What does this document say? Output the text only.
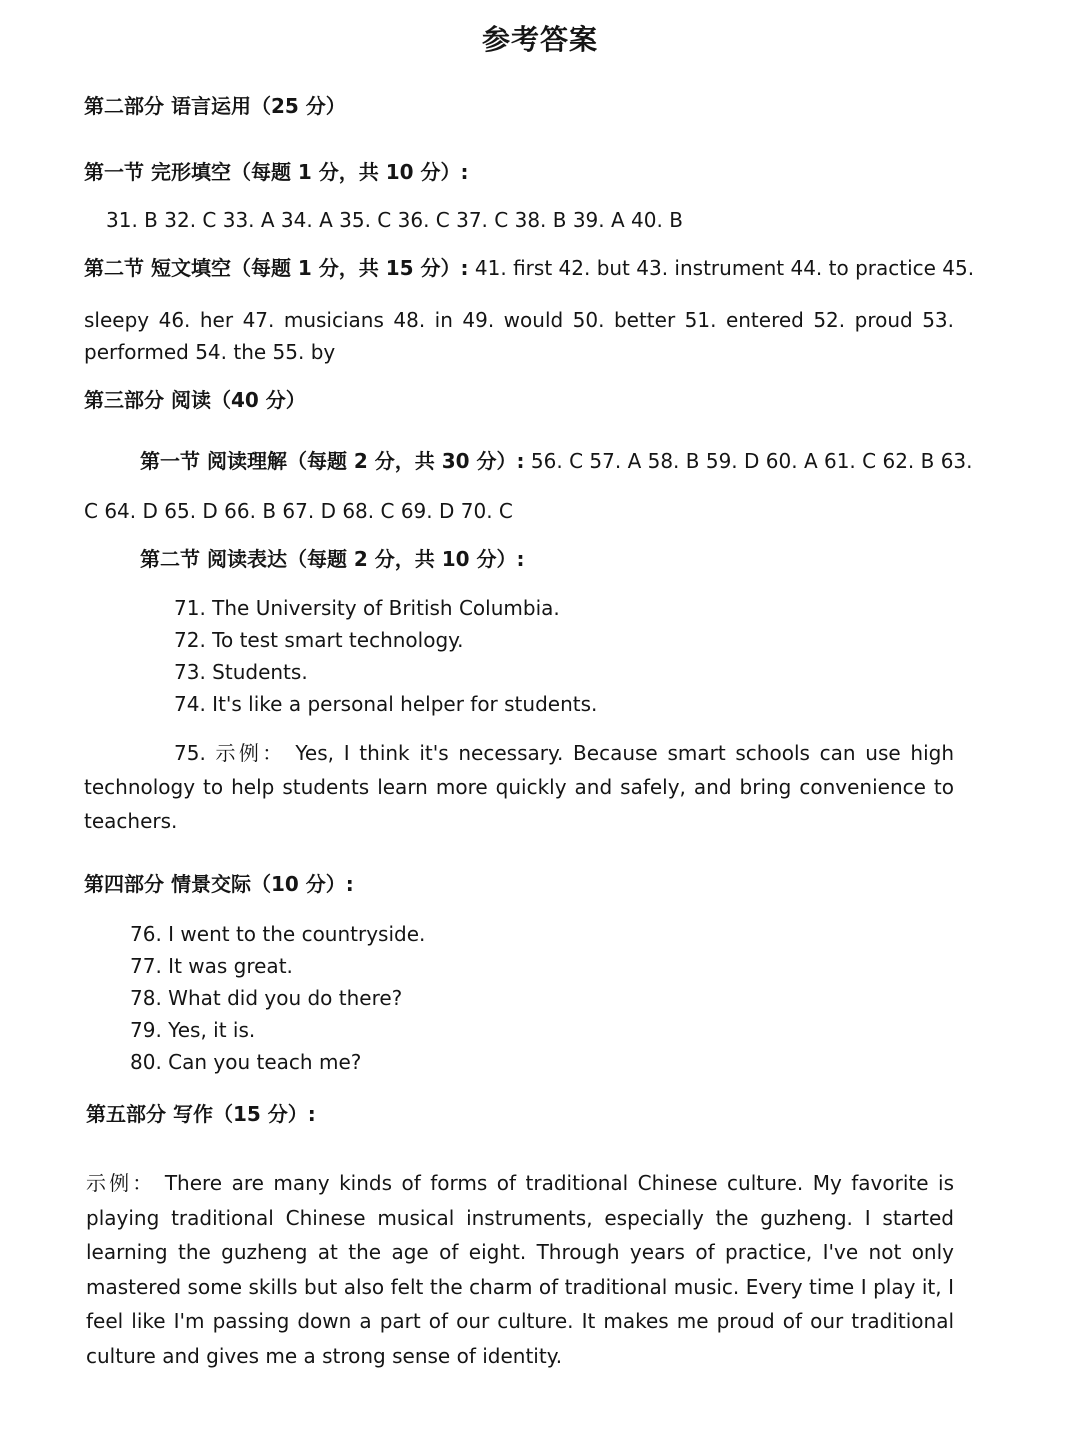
参考答案
第二部分 语言运用（25 分）
第一节 完形填空（每题 1 分，共 10 分）:
31. B 32. C 33. A 34. A 35. C 36. C 37. C 38. B 39. A 40. B
第二节 短文填空（每题 1 分，共 15 分）: 41. first 42. but 43. instrument 44. to practice 45.
sleepy 46. her 47. musicians 48. in 49. would 50. better 51. entered 52. proud 53.
performed 54. the 55. by
第三部分 阅读（40 分）
第一节 阅读理解（每题 2 分，共 30 分）: 56. C 57. A 58. B 59. D 60. A 61. C 62. B 63.
C 64. D 65. D 66. B 67. D 68. C 69. D 70. C
第二节 阅读表达（每题 2 分，共 10 分）:
71. The University of British Columbia.
72. To test smart technology.
73. Students.
74. It's like a personal helper for students.
75. 示例： Yes, I think it's necessary. Because smart schools can use high technology to help students learn more quickly and safely, and bring convenience to teachers.
第四部分 情景交际（10 分）:
76. I went to the countryside.
77. It was great.
78. What did you do there?
79. Yes, it is.
80. Can you teach me?
第五部分 写作（15 分）:
示例： There are many kinds of forms of traditional Chinese culture. My favorite is playing traditional Chinese musical instruments, especially the guzheng. I started learning the guzheng at the age of eight. Through years of practice, I've not only mastered some skills but also felt the charm of traditional music. Every time I play it, I feel like I'm passing down a part of our culture. It makes me proud of our traditional culture and gives me a strong sense of identity.
